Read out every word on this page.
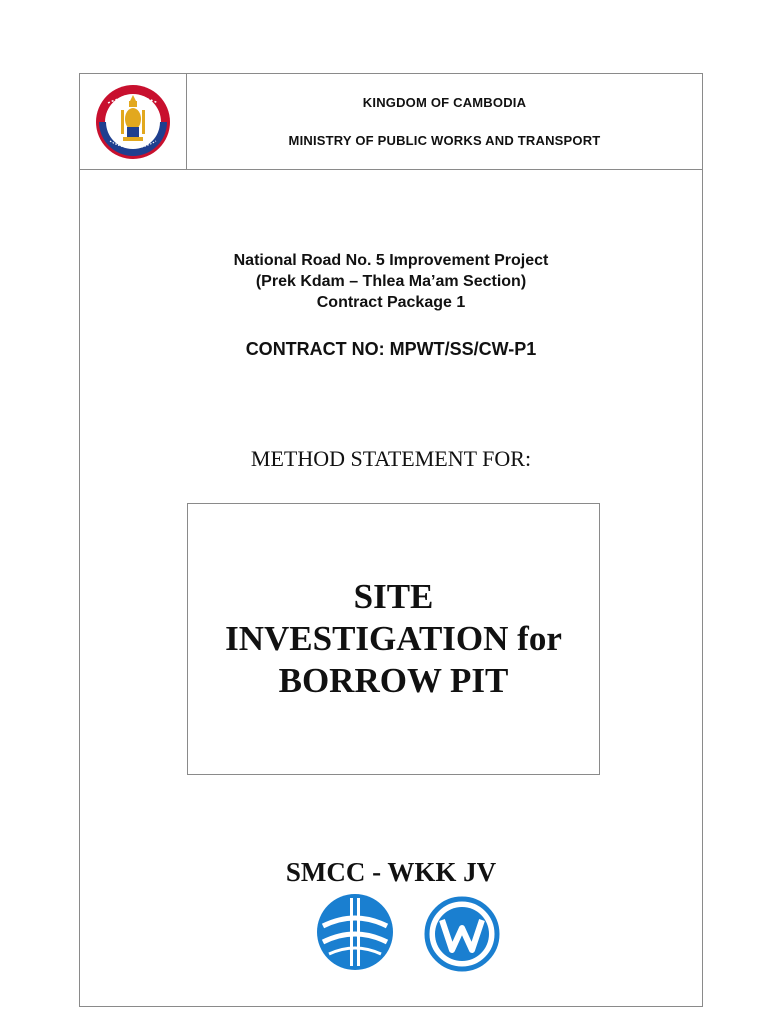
KINGDOM OF CAMBODIA
MINISTRY OF PUBLIC WORKS AND TRANSPORT
National Road No. 5 Improvement Project
(Prek Kdam – Thlea Ma’am Section)
Contract Package 1
CONTRACT NO: MPWT/SS/CW-P1
METHOD STATEMENT FOR:
SITE
INVESTIGATION for
BORROW PIT
SMCC - WKK JV
